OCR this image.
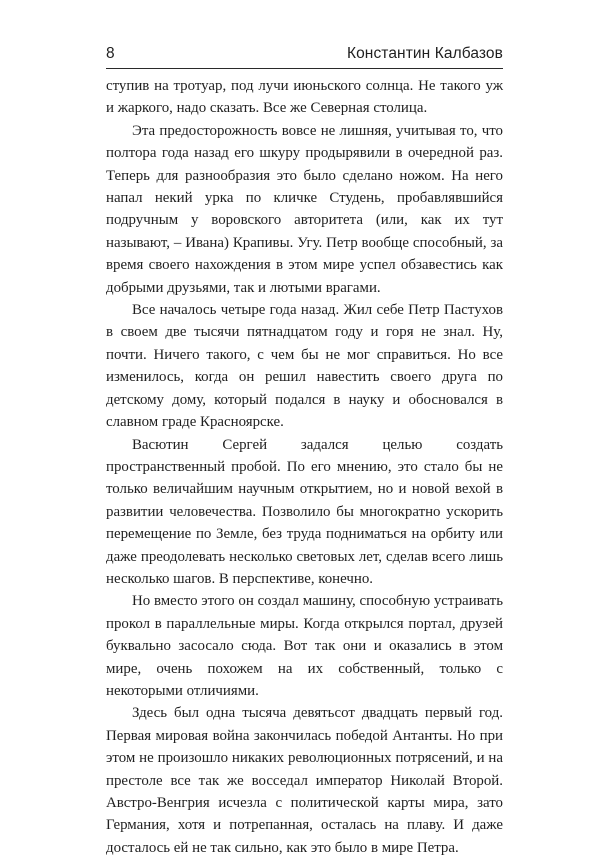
8	Константин Калбазов

ступив на тротуар, под лучи июньского солнца. Не такого уж и жаркого, надо сказать. Все же Северная столица.

Эта предосторожность вовсе не лишняя, учитывая то, что полтора года назад его шкуру продырявили в очередной раз. Теперь для разнообразия это было сделано ножом. На него напал некий урка по кличке Студень, пробавлявшийся подручным у воровского авторитета (или, как их тут называют, – Ивана) Крапивы. Угу. Петр вообще способный, за время своего нахождения в этом мире успел обзавестись как добрыми друзьями, так и лютыми врагами.

Все началось четыре года назад. Жил себе Петр Пастухов в своем две тысячи пятнадцатом году и горя не знал. Ну, почти. Ничего такого, с чем бы не мог справиться. Но все изменилось, когда он решил навестить своего друга по детскому дому, который подался в науку и обосновался в славном граде Красноярске.

Васютин Сергей задался целью создать пространственный пробой. По его мнению, это стало бы не только величайшим научным открытием, но и новой вехой в развитии человечества. Позволило бы многократно ускорить перемещение по Земле, без труда подниматься на орбиту или даже преодолевать несколько световых лет, сделав всего лишь несколько шагов. В перспективе, конечно.

Но вместо этого он создал машину, способную устраивать прокол в параллельные миры. Когда открылся портал, друзей буквально засосало сюда. Вот так они и оказались в этом мире, очень похожем на их собственный, только с некоторыми отличиями.

Здесь был одна тысяча девятьсот двадцать первый год. Первая мировая война закончилась победой Антанты. Но при этом не произошло никаких революционных потрясений, и на престоле все так же восседал император Николай Второй. Австро-Венгрия исчезла с политической карты мира, зато Германия, хотя и потрепанная, осталась на плаву. И даже досталось ей не так сильно, как это было в мире Петра.
